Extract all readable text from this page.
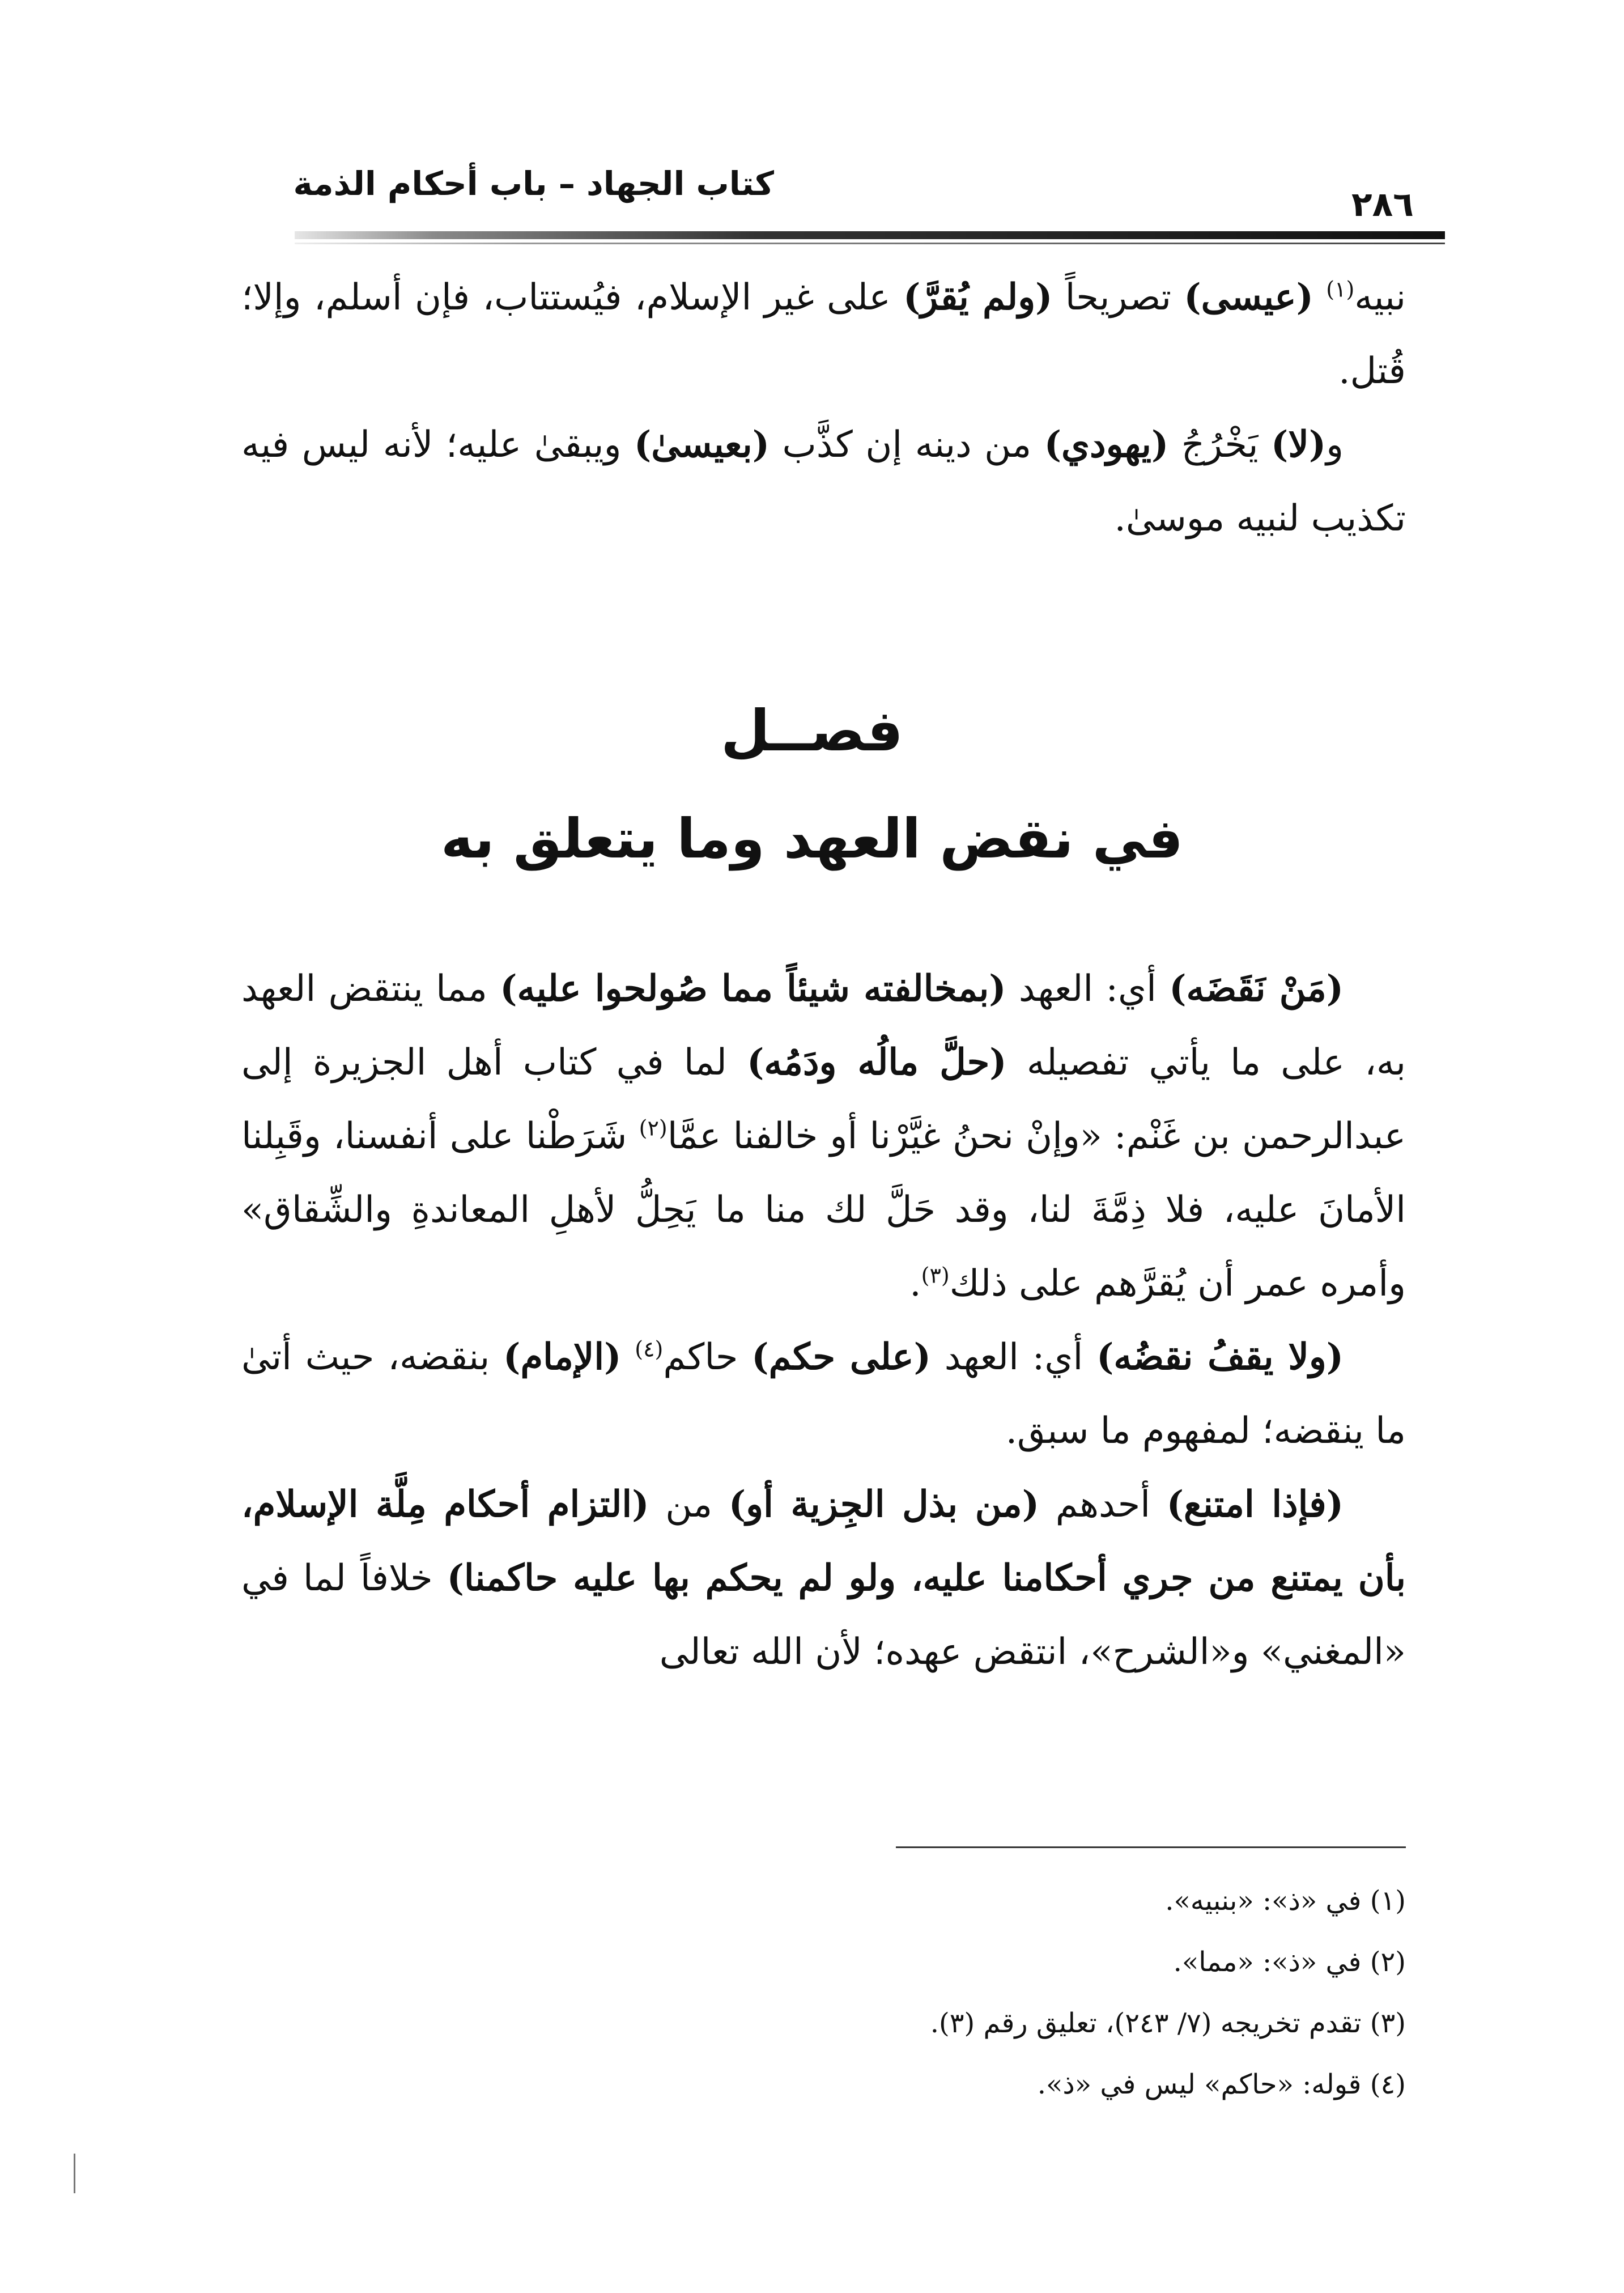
كتاب الجهاد – باب أحكام الذمة
٢٨٦

نبيه$^{(١)}$ (عيسى) تصريحاً (ولم يُقرَّ) على غير الإسلام، فيُستتاب، فإن أسلم، وإلا؛ قُتل.

و(لا) يَخْرُجُ (يهودي) من دينه إن كذَّب (بعيسىٰ) ويبقىٰ عليه؛ لأنه ليس فيه تكذيب لنبيه موسىٰ.

فصــل
في نقض العهد وما يتعلق به

(مَنْ نَقَضَه) أي: العهد (بمخالفته شيئاً مما صُولحوا عليه) مما ينتقض العهد به، على ما يأتي تفصيله (حلَّ مالُه ودَمُه) لما في كتاب أهل الجزيرة إلى عبدالرحمن بن غَنْم: «وإنْ نحنُ غيَّرْنا أو خالفنا عمَّا$^{(٢)}$ شَرَطْنا على أنفسنا، وقَبِلنا الأمانَ عليه، فلا ذِمَّةَ لنا، وقد حَلَّ لك منا ما يَحِلُّ لأهلِ المعاندةِ والشِّقاق» وأمره عمر أن يُقرَّهم على ذلك$^{(٣)}$.

(ولا يقفُ نقضُه) أي: العهد (على حكم) حاكم$^{(٤)}$ (الإمام) بنقضه، حيث أتىٰ ما ينقضه؛ لمفهوم ما سبق.

(فإذا امتنع) أحدهم (من بذل الجِزية أو) من (التزام أحكام مِلَّة الإسلام، بأن يمتنع من جري أحكامنا عليه، ولو لم يحكم بها عليه حاكمنا) خلافاً لما في «المغني» و«الشرح»، انتقض عهده؛ لأن الله تعالى

(١) في «ذ»: «بنبيه».
(٢) في «ذ»: «مما».
(٣) تقدم تخريجه (٧/ ٢٤٣)، تعليق رقم (٣).
(٤) قوله: «حاكم» ليس في «ذ».
